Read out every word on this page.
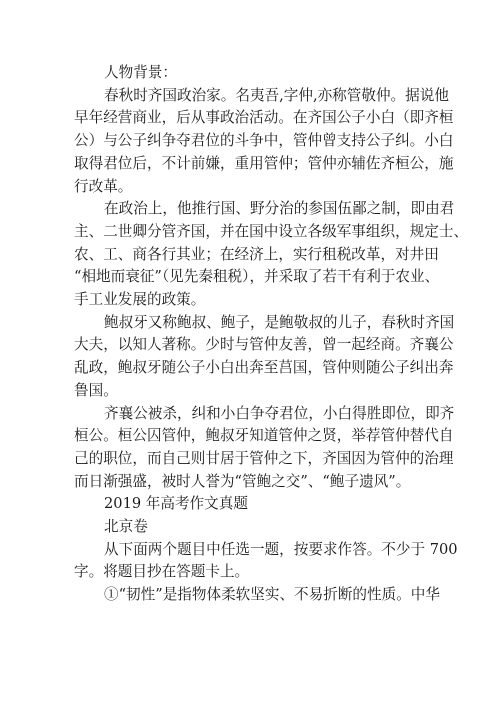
人物背景：

春秋时齐国政治家。名夷吾,字仲,亦称管敬仲。据说他

早年经营商业，后从事政治活动。在齐国公子小白（即齐桓

公）与公子纠争夺君位的斗争中，管仲曾支持公子纠。小白

取得君位后，不计前嫌，重用管仲；管仲亦辅佐齐桓公，施

行改革。

在政治上，他推行国、野分治的参国伍鄙之制，即由君

主、二世卿分管齐国，并在国中设立各级军事组织，规定士、

农、工、商各行其业；在经济上，实行租税改革，对井田

“相地而衰征”（见先秦租税），并采取了若干有利于农业、

手工业发展的政策。

鲍叔牙又称鲍叔、鲍子，是鲍敬叔的儿子，春秋时齐国

大夫，以知人著称。少时与管仲友善，曾一起经商。齐襄公

乱政，鲍叔牙随公子小白出奔至莒国，管仲则随公子纠出奔

鲁国。

齐襄公被杀，纠和小白争夺君位，小白得胜即位，即齐

桓公。桓公囚管仲，鲍叔牙知道管仲之贤，举荐管仲替代自

己的职位，而自己则甘居于管仲之下，齐国因为管仲的治理

而日渐强盛，被时人誉为“管鲍之交”、“鲍子遗风”。

2019 年高考作文真题

北京卷

从下面两个题目中任选一题，按要求作答。不少于 700

字。将题目抄在答题卡上。

①“韧性”是指物体柔软坚实、不易折断的性质。中华
